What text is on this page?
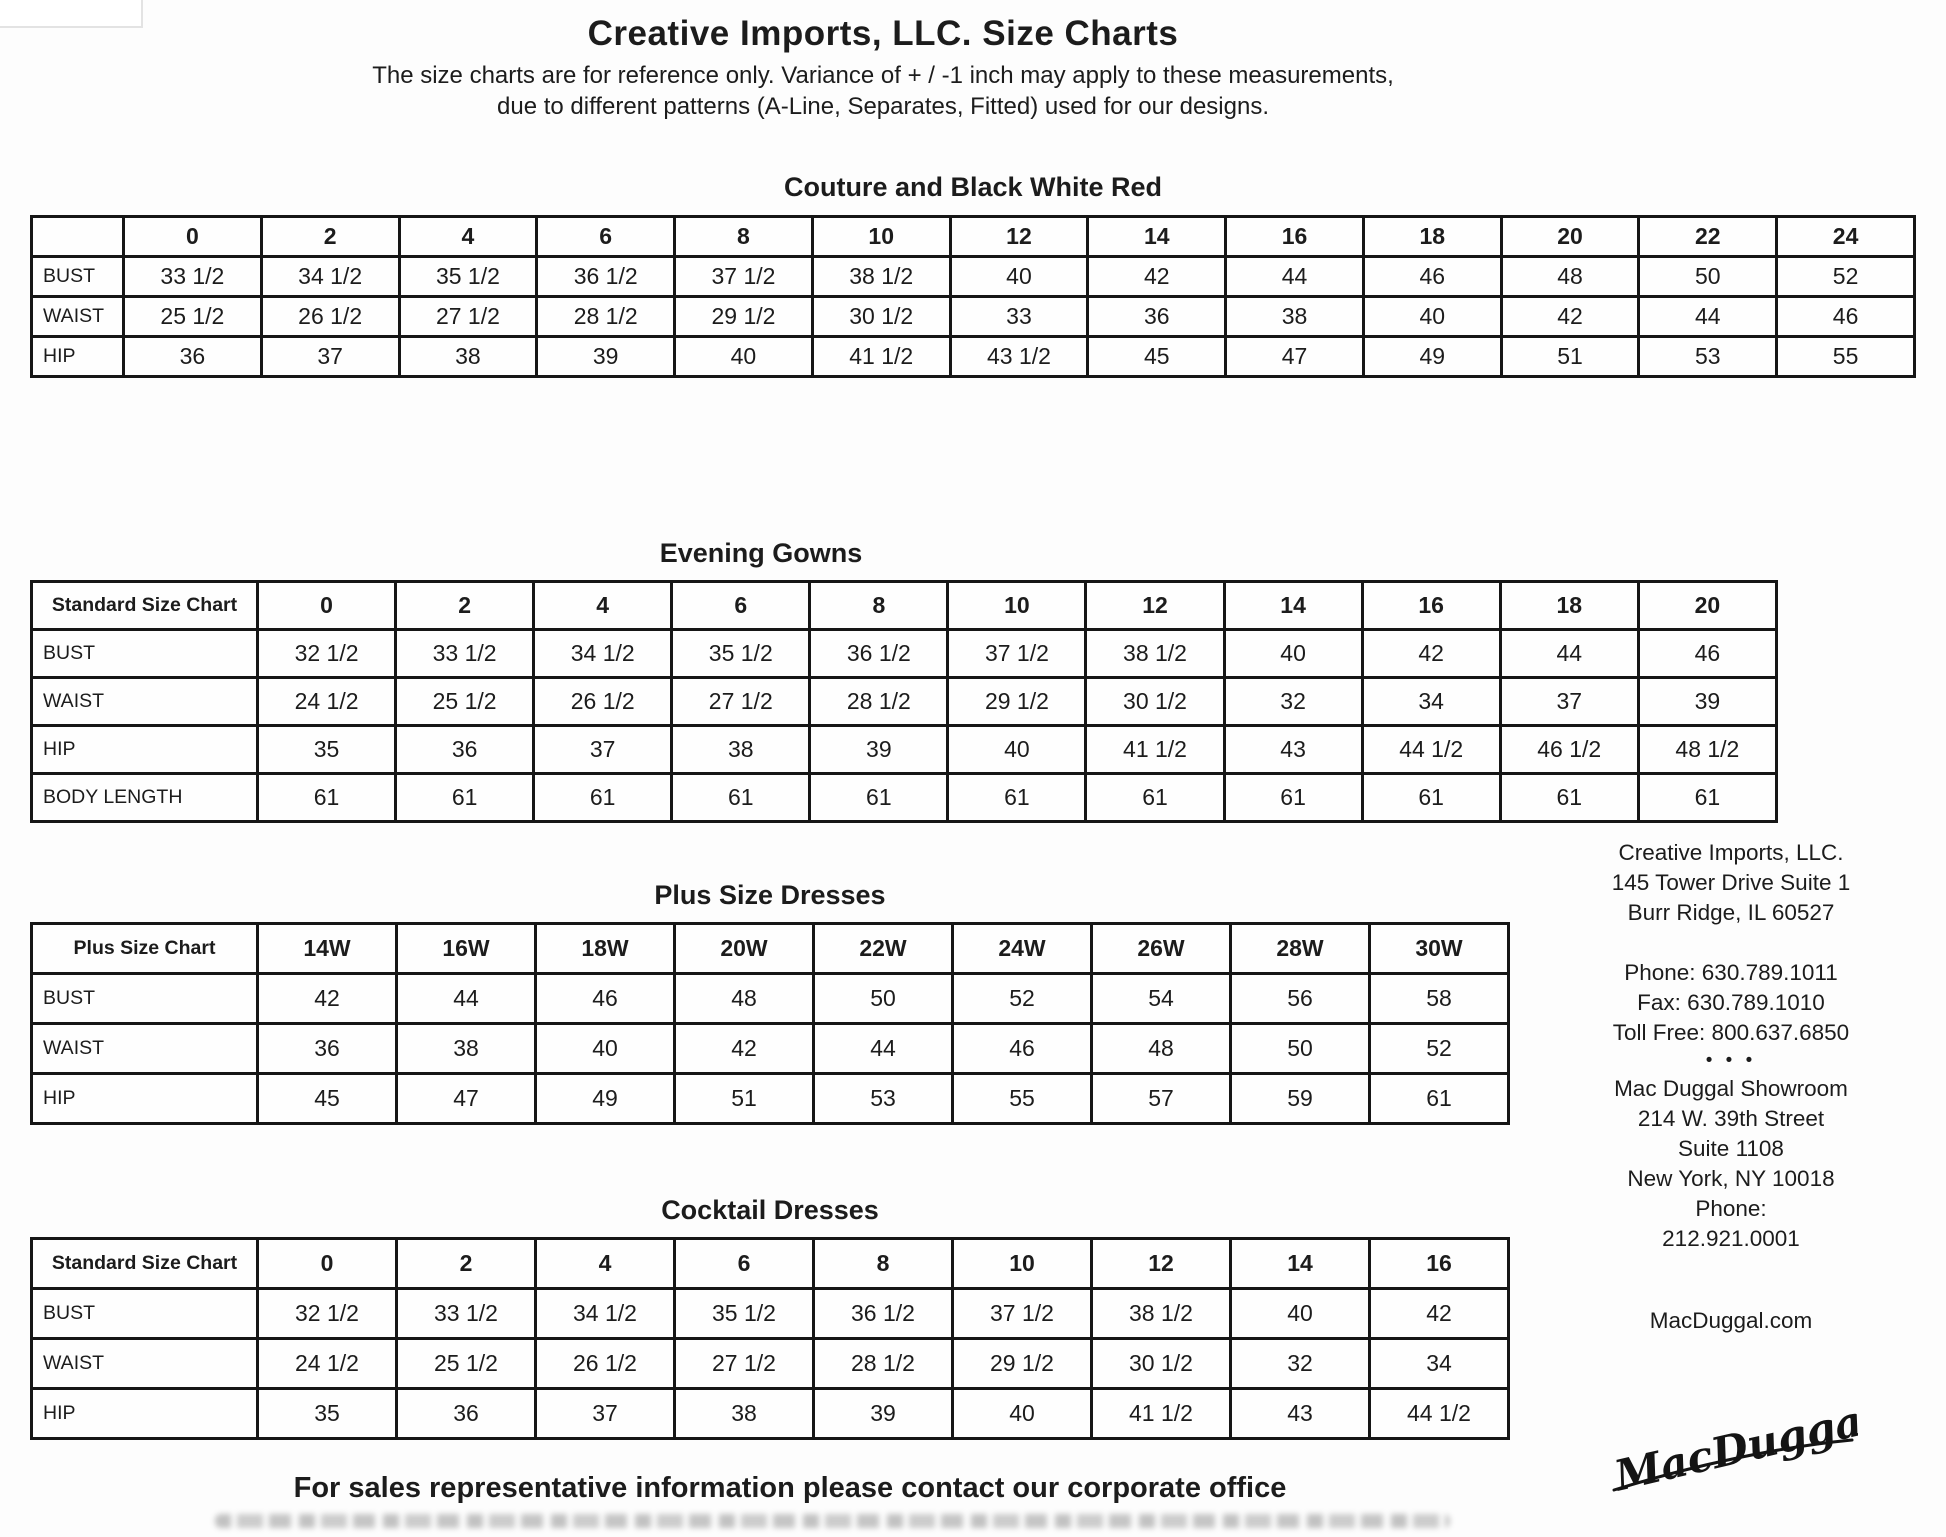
Creative Imports, LLC. Size Charts
The size charts are for reference only. Variance of + / -1 inch may apply to these measurements,
due to different patterns (A-Line, Separates, Fitted) used for our designs.
Couture and Black White Red
	0	2	4	6	8	10	12	14	16	18	20	22	24
BUST	33 1/2	34 1/2	35 1/2	36 1/2	37 1/2	38 1/2	40	42	44	46	48	50	52
WAIST	25 1/2	26 1/2	27 1/2	28 1/2	29 1/2	30 1/2	33	36	38	40	42	44	46
HIP	36	37	38	39	40	41 1/2	43 1/2	45	47	49	51	53	55
Evening Gowns
Standard Size Chart	0	2	4	6	8	10	12	14	16	18	20
BUST	32 1/2	33 1/2	34 1/2	35 1/2	36 1/2	37 1/2	38 1/2	40	42	44	46
WAIST	24 1/2	25 1/2	26 1/2	27 1/2	28 1/2	29 1/2	30 1/2	32	34	37	39
HIP	35	36	37	38	39	40	41 1/2	43	44 1/2	46 1/2	48 1/2
BODY LENGTH	61	61	61	61	61	61	61	61	61	61	61
Plus Size Dresses
Plus Size Chart	14W	16W	18W	20W	22W	24W	26W	28W	30W
BUST	42	44	46	48	50	52	54	56	58
WAIST	36	38	40	42	44	46	48	50	52
HIP	45	47	49	51	53	55	57	59	61
Cocktail Dresses
Standard Size Chart	0	2	4	6	8	10	12	14	16
BUST	32 1/2	33 1/2	34 1/2	35 1/2	36 1/2	37 1/2	38 1/2	40	42
WAIST	24 1/2	25 1/2	26 1/2	27 1/2	28 1/2	29 1/2	30 1/2	32	34
HIP	35	36	37	38	39	40	41 1/2	43	44 1/2
Creative Imports, LLC.
145 Tower Drive Suite 1
Burr Ridge, IL 60527
Phone: 630.789.1011
Fax: 630.789.1010
Toll Free: 800.637.6850
• • •
Mac Duggal Showroom
214 W. 39th Street
Suite 1108
New York, NY 10018
Phone:
212.921.0001
MacDuggal.com
MacDuggal
For sales representative information please contact our corporate office
